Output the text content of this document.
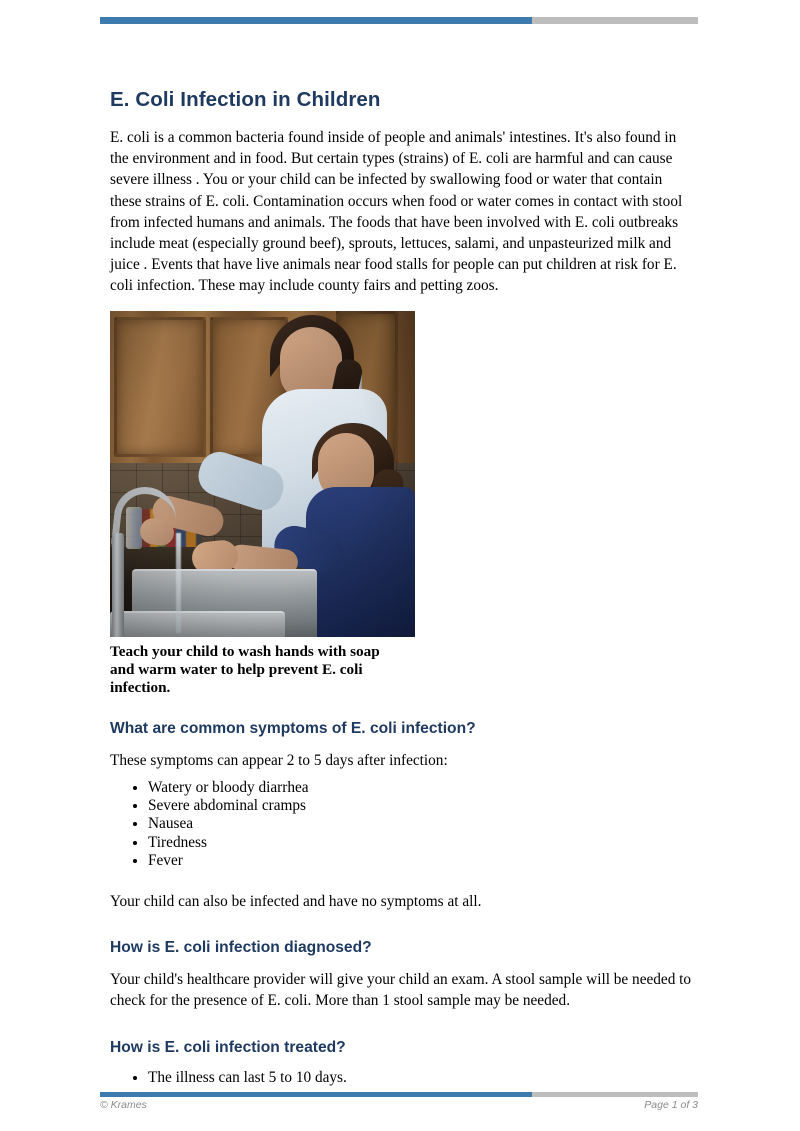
E. Coli Infection in Children

E. coli is a common bacteria found inside of people and animals' intestines. It's also found in the environment and in food. But certain types (strains) of E. coli are harmful and can cause severe illness . You or your child can be infected by swallowing food or water that contain these strains of E. coli. Contamination occurs when food or water comes in contact with stool from infected humans and animals. The foods that have been involved with E. coli outbreaks include meat (especially ground beef), sprouts, lettuces, salami, and unpasteurized milk and juice . Events that have live animals near food stalls for people can put children at risk for E. coli infection. These may include county fairs and petting zoos.

Teach your child to wash hands with soap and warm water to help prevent E. coli infection.
What are common symptoms of E. coli infection?

These symptoms can appear 2 to 5 days after infection:

• Watery or bloody diarrhea
• Severe abdominal cramps
• Nausea
• Tiredness
• Fever

Your child can also be infected and have no symptoms at all.

How is E. coli infection diagnosed?

Your child's healthcare provider will give your child an exam. A stool sample will be needed to check for the presence of E. coli. More than 1 stool sample may be needed.

How is E. coli infection treated?
• The illness can last 5 to 10 days.
© Krames	Page 1 of 3
